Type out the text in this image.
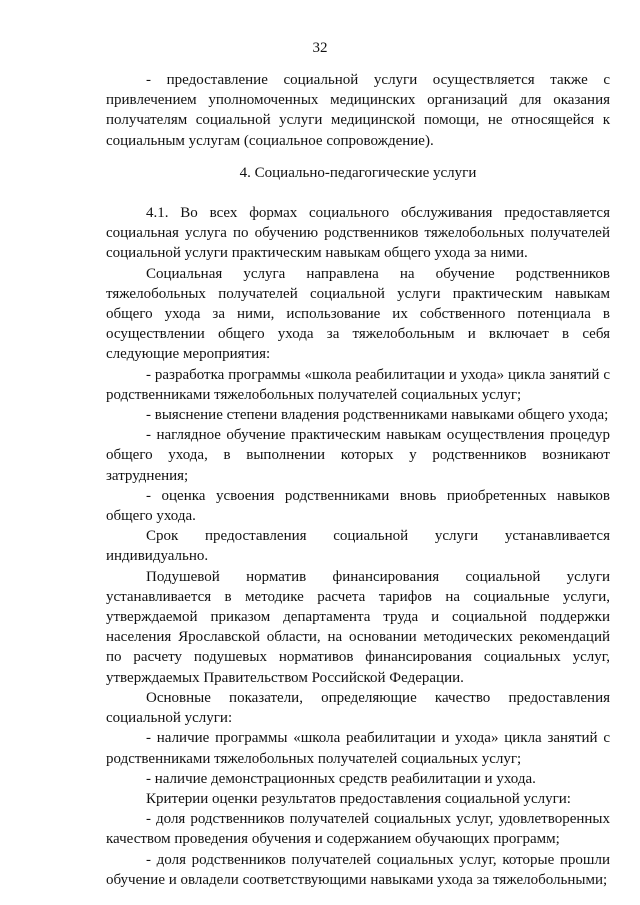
32

- предоставление социальной услуги осуществляется также с привлечением уполномоченных медицинских организаций для оказания получателям социальной услуги медицинской помощи, не относящейся к социальным услугам (социальное сопровождение).

4. Социально-педагогические услуги

4.1. Во всех формах социального обслуживания предоставляется социальная услуга по обучению родственников тяжелобольных получателей социальной услуги практическим навыкам общего ухода за ними.

Социальная услуга направлена на обучение родственников тяжелобольных получателей социальной услуги практическим навыкам общего ухода за ними, использование их собственного потенциала в осуществлении общего ухода за тяжелобольным и включает в себя следующие мероприятия:

- разработка программы «школа реабилитации и ухода» цикла занятий с родственниками тяжелобольных получателей социальных услуг;

- выяснение степени владения родственниками навыками общего ухода;

- наглядное обучение практическим навыкам осуществления процедур общего ухода, в выполнении которых у родственников возникают затруднения;

- оценка усвоения родственниками вновь приобретенных навыков общего ухода.

Срок предоставления социальной услуги устанавливается индивидуально.

Подушевой норматив финансирования социальной услуги устанавливается в методике расчета тарифов на социальные услуги, утверждаемой приказом департамента труда и социальной поддержки населения Ярославской области, на основании методических рекомендаций по расчету подушевых нормативов финансирования социальных услуг, утверждаемых Правительством Российской Федерации.

Основные показатели, определяющие качество предоставления социальной услуги:

- наличие программы «школа реабилитации и ухода» цикла занятий с родственниками тяжелобольных получателей социальных услуг;

- наличие демонстрационных средств реабилитации и ухода.

Критерии оценки результатов предоставления социальной услуги:

- доля родственников получателей социальных услуг, удовлетворенных качеством проведения обучения и содержанием обучающих программ;

- доля родственников получателей социальных услуг, которые прошли обучение и овладели соответствующими навыками ухода за тяжелобольными;
